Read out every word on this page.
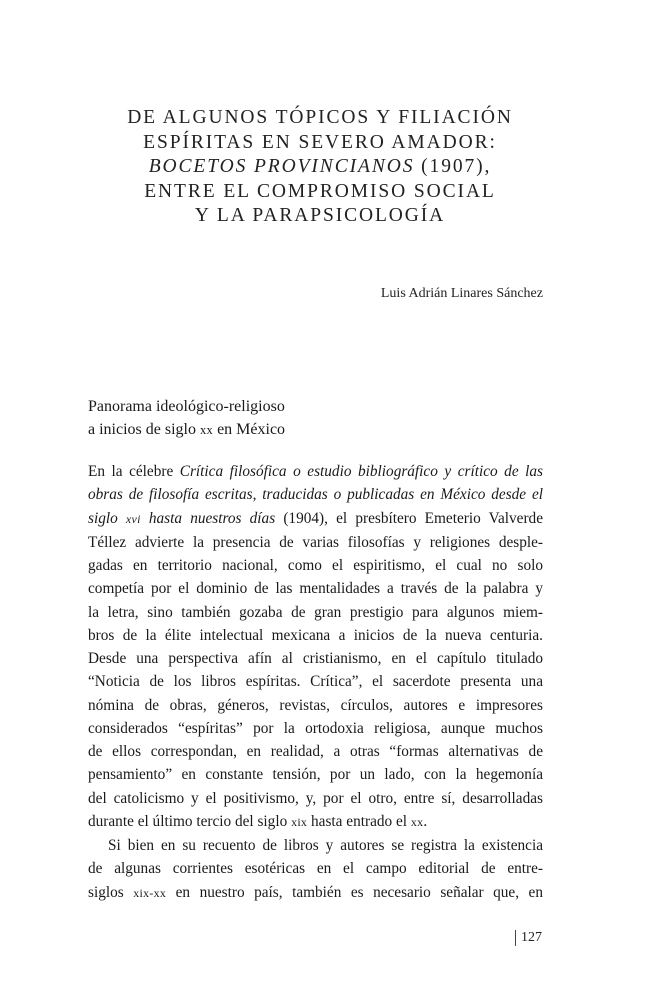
DE ALGUNOS TÓPICOS Y FILIACIÓN
ESPÍRITAS EN SEVERO AMADOR:
BOCETOS PROVINCIANOS (1907),
ENTRE EL COMPROMISO SOCIAL
Y LA PARAPSICOLOGÍA
Luis Adrián Linares Sánchez
Panorama ideológico-religioso
a inicios de siglo xx en México
En la célebre Crítica filosófica o estudio bibliográfico y crítico de las
obras de filosofía escritas, traducidas o publicadas en México desde el
siglo xvi hasta nuestros días (1904), el presbítero Emeterio Valverde
Téllez advierte la presencia de varias filosofías y religiones desple-
gadas en territorio nacional, como el espiritismo, el cual no solo
competía por el dominio de las mentalidades a través de la palabra y
la letra, sino también gozaba de gran prestigio para algunos miem-
bros de la élite intelectual mexicana a inicios de la nueva centuria.
Desde una perspectiva afín al cristianismo, en el capítulo titulado
“Noticia de los libros espíritas. Crítica”, el sacerdote presenta una
nómina de obras, géneros, revistas, círculos, autores e impresores
considerados “espíritas” por la ortodoxia religiosa, aunque muchos
de ellos correspondan, en realidad, a otras “formas alternativas de
pensamiento” en constante tensión, por un lado, con la hegemonía
del catolicismo y el positivismo, y, por el otro, entre sí, desarrolladas
durante el último tercio del siglo xix hasta entrado el xx.
Si bien en su recuento de libros y autores se registra la existencia
de algunas corrientes esotéricas en el campo editorial de entre-
siglos xix-xx en nuestro país, también es necesario señalar que, en
127
